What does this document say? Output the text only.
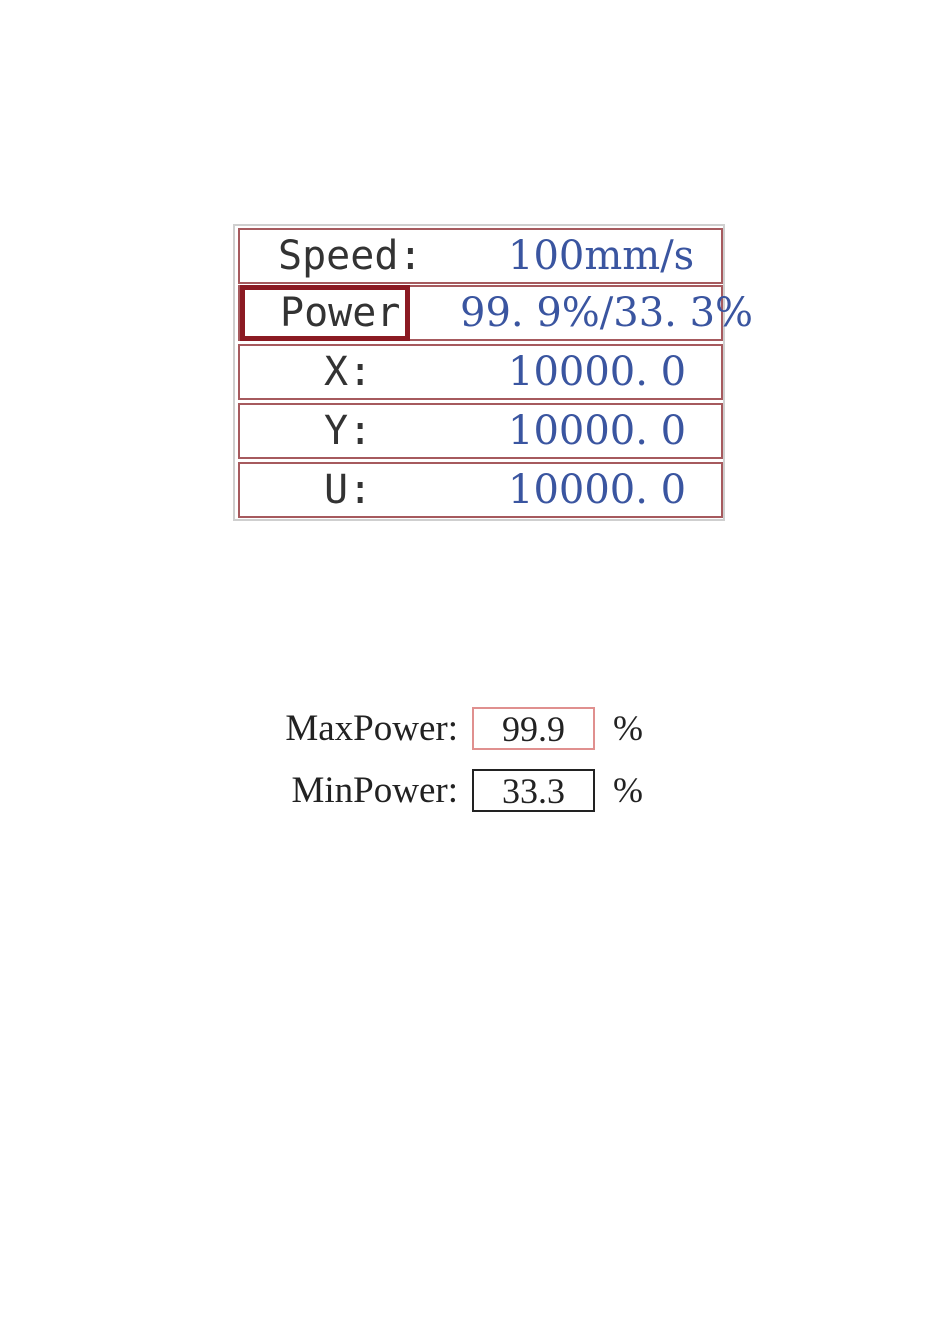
Speed: 100mm/s
Power 99. 9%/33. 3%
X:	10000. 0
Y:	10000. 0
U:	10000. 0
MaxPower:
99.9	%
MinPower:
33.3	%
